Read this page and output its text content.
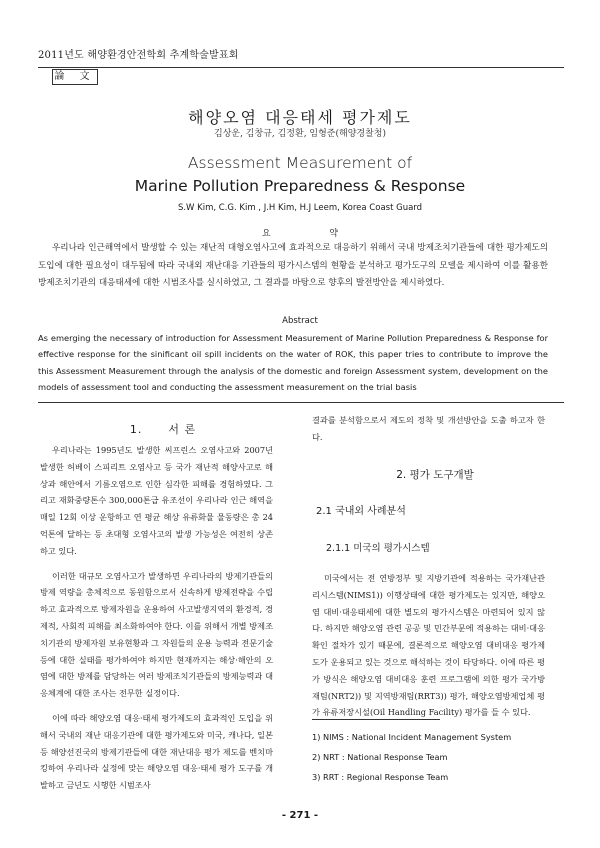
2011년도 해양환경안전학회 추계학술발표회
論 文
해양오염 대응태세 평가제도
김상운, 김창규, 김정환, 임형준(해양경찰청)
Assessment Measurement of
Marine Pollution Preparedness & Response
S.W Kim, C.G. Kim , J.H Kim, H.J Leem, Korea Coast Guard
요 약
우리나라 인근해역에서 발생할 수 있는 재난적 대형오염사고에 효과적으로 대응하기 위해서 국내 방제조치기관들에 대한 평가제도의 도입에 대한 필요성이 대두됨에 따라 국내외 재난대응 기관들의 평가시스템의 현황을 분석하고 평가도구의 모델을 제시하여 이를 활용한 방제조치기관의 대응태세에 대한 시범조사를 실시하였고, 그 결과를 바탕으로 향후의 발전방안을 제시하였다.
Abstract
As emerging the necessary of introduction for Assessment Measurement of Marine Pollution Preparedness & Response for effective response for the sinificant oil spill incidents on the water of ROK, this paper tries to contribute to improve the this Assessment Measurement through the analysis of the domestic and foreign Assessment system, development on the models of assessment tool and conducting the assessment measurement on the trial basis
1. 서 론

우리나라는 1995년도 발생한 씨프린스 오염사고와 2007년 발생한 허베이 스피리트 오염사고 등 국가 재난적 해양사고로 해상과 해안에서 기름오염으로 인한 심각한 피해를 경험하였다. 그리고 재화중량톤수 300,000톤급 유조선이 우리나라 인근 해역을 매일 12회 이상 운항하고 연 평균 해상 유류화물 물동량은 총 24억톤에 달하는 등 초대형 오염사고의 발생 가능성은 여전히 상존하고 있다.

이러한 대규모 오염사고가 발생하면 우리나라의 방제기관들의 방제 역량을 총체적으로 동원함으로서 신속하게 방제전략을 수립하고 효과적으로 방제자원을 운용하여 사고발생지역의 환경적, 경제적, 사회적 피해를 최소화하여야 한다. 이를 위해서 개별 방제조치기관의 방제자원 보유현황과 그 자원들의 운용 능력과 전문기술 등에 대한 실태를 평가하여야 하지만 현재까지는 해상·해안의 오염에 대한 방제를 담당하는 여러 방제조치기관들의 방제능력과 대응체계에 대한 조사는 전무한 실정이다.

이에 따라 해양오염 대응·태세 평가제도의 효과적인 도입을 위해서 국내의 재난 대응기관에 대한 평가제도와 미국, 캐나다, 일본 등 해양선진국의 방제기관들에 대한 재난대응 평가 제도를 벤치마킹하여 우리나라 실정에 맞는 해양오염 대응·태세 평가 도구를 개발하고 금년도 시행한 시범조사

결과를 분석함으로서 제도의 정착 및 개선방안을 도출 하고자 한다.

2. 평가 도구개발
2.1 국내외 사례분석
2.1.1 미국의 평가시스템

미국에서는 전 연방정부 및 지방기관에 적용하는 국가재난관리시스템(NIMS1)) 이행상태에 대한 평가제도는 있지만, 해양오염 대비·대응태세에 대한 별도의 평가시스템은 마련되어 있지 않다. 하지만 해양오염 관련 공공 및 민간부문에 적용하는 대비·대응 확인 절차가 있기 때문에, 결론적으로 해양오염 대비대응 평가제도가 운용되고 있는 것으로 해석하는 것이 타당하다. 이에 따른 평가 방식은 해양오염 대비대응 훈련 프로그램에 의한 평가 국가방재팀(NRT2)) 및 지역방재팀(RRT3)) 평가, 해양오염방제업체 평가 유류저장시설(Oil Handling Facility) 평가를 들 수 있다.

1) NIMS : National Incident Management System
2) NRT : National Response Team
3) RRT : Regional Response Team
- 271 -
